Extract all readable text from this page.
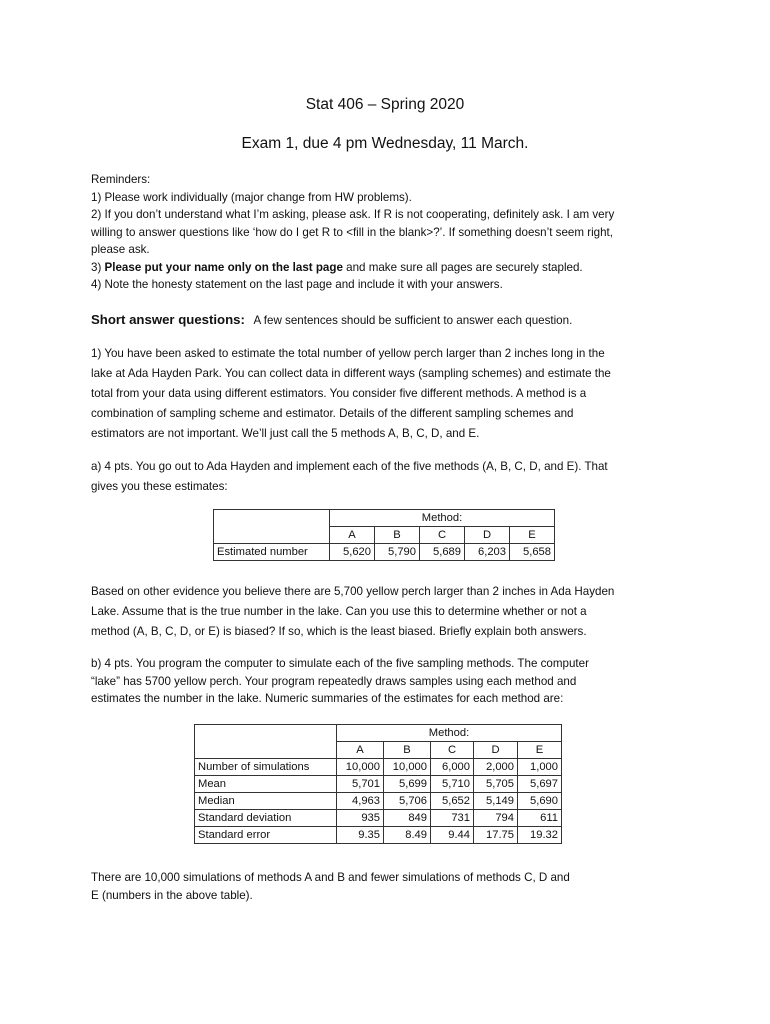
Stat 406 – Spring 2020
Exam 1, due 4 pm Wednesday, 11 March.
Reminders:
1) Please work individually (major change from HW problems).
2) If you don’t understand what I’m asking, please ask. If R is not cooperating, definitely ask. I am very
willing to answer questions like ‘how do I get R to <fill in the blank>?’. If something doesn’t seem right,
please ask.
3) Please put your name only on the last page and make sure all pages are securely stapled.
4) Note the honesty statement on the last page and include it with your answers.
Short answer questions: A few sentences should be sufficient to answer each question.
1) You have been asked to estimate the total number of yellow perch larger than 2 inches long in the
lake at Ada Hayden Park. You can collect data in different ways (sampling schemes) and estimate the
total from your data using different estimators. You consider five different methods. A method is a
combination of sampling scheme and estimator. Details of the different sampling schemes and
estimators are not important. We’ll just call the 5 methods A, B, C, D, and E.
a) 4 pts. You go out to Ada Hayden and implement each of the five methods (A, B, C, D, and E). That
gives you these estimates:
	Method:				
	A	B	C	D	E
Estimated number	5,620	5,790	5,689	6,203	5,658
Based on other evidence you believe there are 5,700 yellow perch larger than 2 inches in Ada Hayden
Lake. Assume that is the true number in the lake. Can you use this to determine whether or not a
method (A, B, C, D, or E) is biased? If so, which is the least biased. Briefly explain both answers.
b) 4 pts. You program the computer to simulate each of the five sampling methods. The computer
“lake” has 5700 yellow perch. Your program repeatedly draws samples using each method and
estimates the number in the lake. Numeric summaries of the estimates for each method are:
	Method:				
	A	B	C	D	E
Number of simulations	10,000	10,000	6,000	2,000	1,000
Mean	5,701	5,699	5,710	5,705	5,697
Median	4,963	5,706	5,652	5,149	5,690
Standard deviation	935	849	731	794	611
Standard error	9.35	8.49	9.44	17.75	19.32
There are 10,000 simulations of methods A and B and fewer simulations of methods C, D and
E (numbers in the above table).
